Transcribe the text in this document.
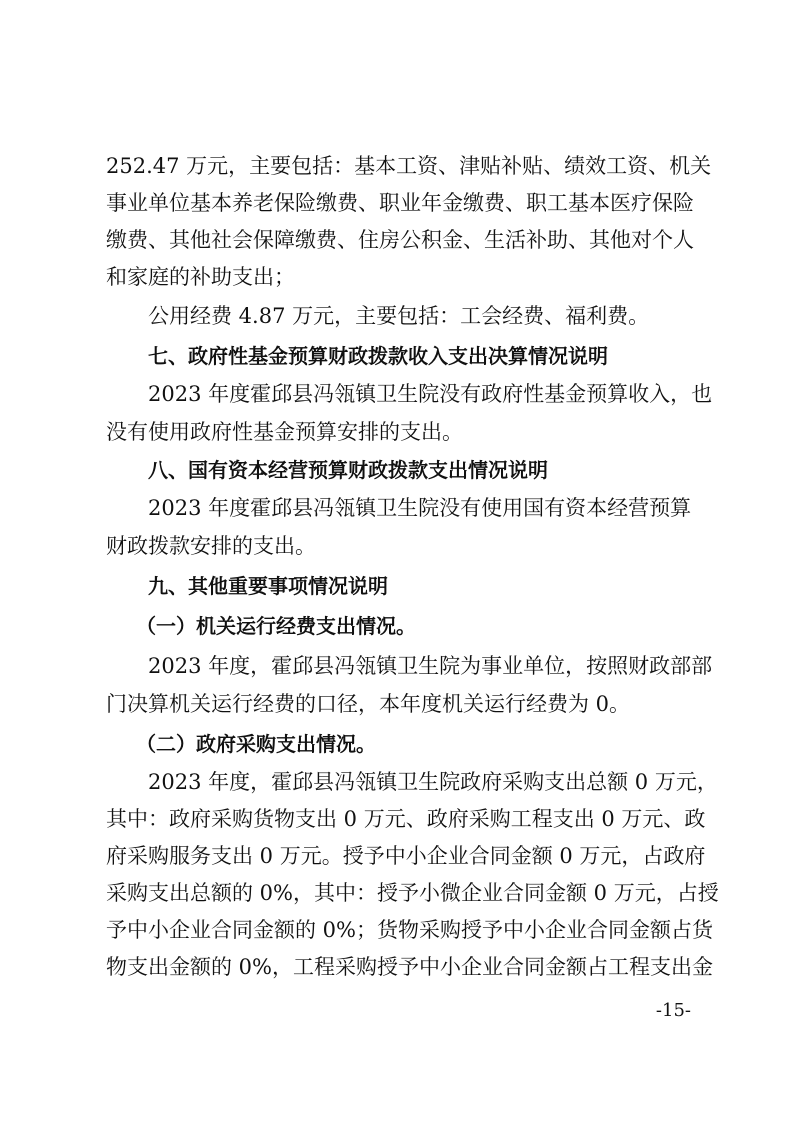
252.47 万元，主要包括：基本工资、津贴补贴、绩效工资、机关
事业单位基本养老保险缴费、职业年金缴费、职工基本医疗保险
缴费、其他社会保障缴费、住房公积金、生活补助、其他对个人
和家庭的补助支出；
公用经费 4.87 万元，主要包括：工会经费、福利费。
七、政府性基金预算财政拨款收入支出决算情况说明
2023 年度霍邱县冯瓴镇卫生院没有政府性基金预算收入，也
没有使用政府性基金预算安排的支出。
八、国有资本经营预算财政拨款支出情况说明
2023 年度霍邱县冯瓴镇卫生院没有使用国有资本经营预算
财政拨款安排的支出。
九、其他重要事项情况说明
（一）机关运行经费支出情况。
2023 年度，霍邱县冯瓴镇卫生院为事业单位，按照财政部部
门决算机关运行经费的口径，本年度机关运行经费为 0。
（二）政府采购支出情况。
2023 年度，霍邱县冯瓴镇卫生院政府采购支出总额 0 万元，
其中：政府采购货物支出 0 万元、政府采购工程支出 0 万元、政
府采购服务支出 0 万元。授予中小企业合同金额 0 万元，占政府
采购支出总额的 0%，其中：授予小微企业合同金额 0 万元，占授
予中小企业合同金额的 0%；货物采购授予中小企业合同金额占货
物支出金额的 0%，工程采购授予中小企业合同金额占工程支出金
-15-
